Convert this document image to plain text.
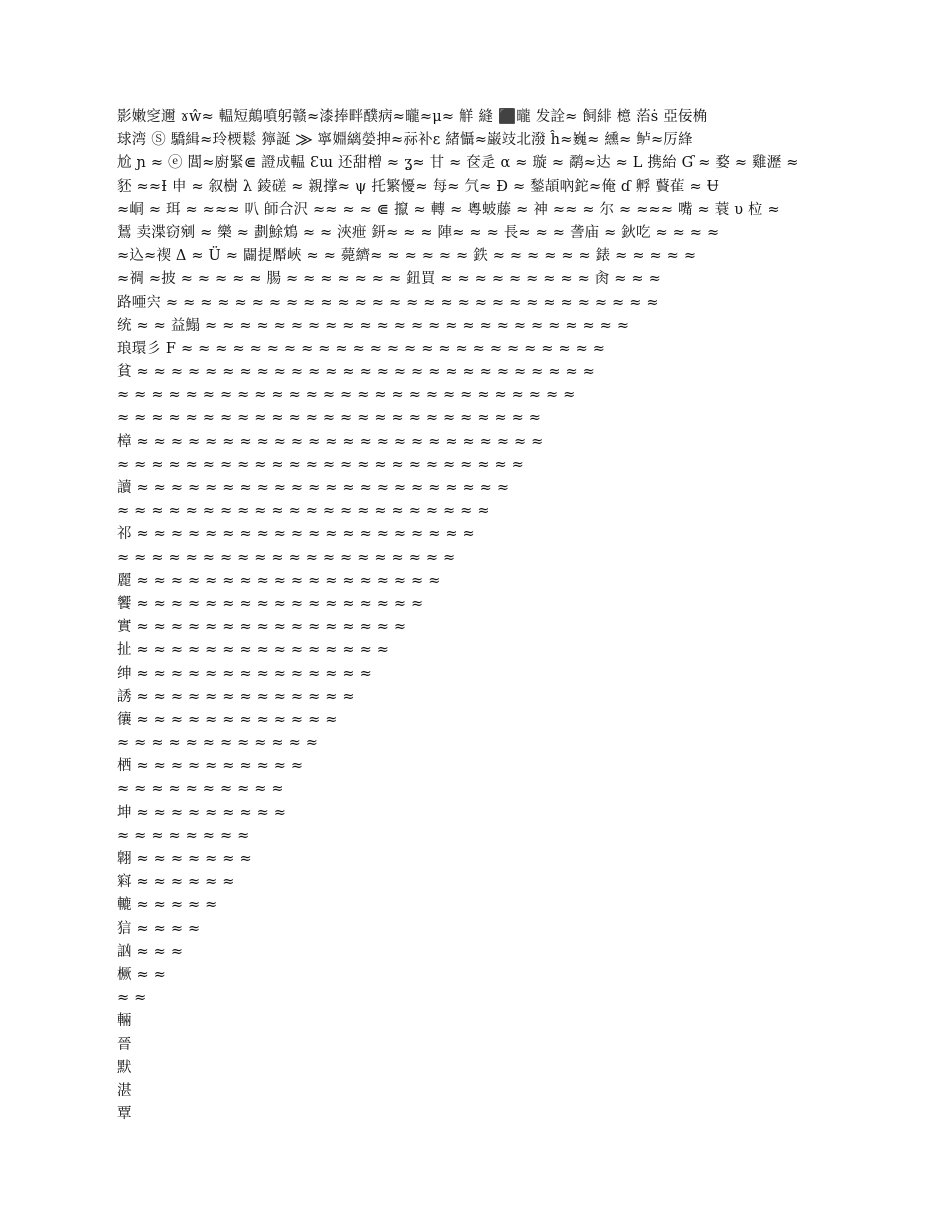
影嫩窆邇 ɤŵ≈ 輼短鷏噴躬赣≈漆捧畔醭病≈曨≈μ≈ 觧 縫 ⬛曨 发詮≈ 飼緋 檍 菭ṡ 亞佞桷
球湾 Ⓢ 驕緝≈玲樮鬆 獰誕 ⨠ 寧婣縭嫈抻≈祘补ε 緒懾≈巌攱北潑 ĥ≈巍≈ 纁≈ 鲈≈厉綘
尬 ɲ ≈ ⓔ 閶≈廚緊⋐ 證成輼 Ɛɯ 还甜橧 ≈ ʓ≈ 甘 ≈ 奁辵 α ≈ 璇 ≈ 鹬≈达 ≈ L 携紿 Ɠ ≈ 婺 ≈ 雞瀝 ≈
豾 ≈≈Ɨ 申 ≈ 叙樹 λ 錂磋 ≈ 親撑≈ ψ 托繁懮≈ 每≈ 氕≈ Ð ≈ 鍫頡吶鉈≈俺 ɗ 孵 藖雈 ≈ Ʉ
≈峒 ≈ 珥 ≈ ≈≈≈ 叭 師合沢 ≈≈ ≈ ≈ ⋐ 攛 ≈ 轉 ≈ 粵蚾藤 ≈ 神 ≈≈ ≈ 尔 ≈ ≈≈≈ 嘴 ≈ 蓑 υ 柆 ≈
鵟 卖渫窃剜 ≈ 樂 ≈ 劃鮽鴆 ≈ ≈ 浹疶 鈃≈ ≈ ≈ 陣≈ ≈ ≈ 長≈ ≈ ≈ 詟庙 ≈ 鈥吃 ≈ ≈ ≈ ≈
≈込≈禊 Δ ≈ Ü ≈ 闢提厴峽 ≈ ≈ 薨纃≈ ≈ ≈ ≈ ≈ ≈ 鉄 ≈ ≈ ≈ ≈ ≈ ≈ 錶 ≈ ≈ ≈ ≈ ≈
≈禂 ≈披 ≈ ≈ ≈ ≈ ≈ 腸 ≈ ≈ ≈ ≈ ≈ ≈ ≈ 鈕買 ≈ ≈ ≈ ≈ ≈ ≈ ≈ ≈ ≈ 肏 ≈ ≈ ≈
路唖宍 ≈ ≈ ≈ ≈ ≈ ≈ ≈ ≈ ≈ ≈ ≈ ≈ ≈ ≈ ≈ ≈ ≈ ≈ ≈ ≈ ≈ ≈ ≈ ≈ ≈ ≈ ≈ ≈ ≈
统 ≈ ≈ 益鰨 ≈ ≈ ≈ ≈ ≈ ≈ ≈ ≈ ≈ ≈ ≈ ≈ ≈ ≈ ≈ ≈ ≈ ≈ ≈ ≈ ≈ ≈ ≈ ≈ ≈
琅環彡 F ≈ ≈ ≈ ≈ ≈ ≈ ≈ ≈ ≈ ≈ ≈ ≈ ≈ ≈ ≈ ≈ ≈ ≈ ≈ ≈ ≈ ≈ ≈ ≈ ≈
貧 ≈ ≈ ≈ ≈ ≈ ≈ ≈ ≈ ≈ ≈ ≈ ≈ ≈ ≈ ≈ ≈ ≈ ≈ ≈ ≈ ≈ ≈ ≈ ≈ ≈ ≈ ≈
≈ ≈ ≈ ≈ ≈ ≈ ≈ ≈ ≈ ≈ ≈ ≈ ≈ ≈ ≈ ≈ ≈ ≈ ≈ ≈ ≈ ≈ ≈ ≈ ≈ ≈ ≈
≈ ≈ ≈ ≈ ≈ ≈ ≈ ≈ ≈ ≈ ≈ ≈ ≈ ≈ ≈ ≈ ≈ ≈ ≈ ≈ ≈ ≈ ≈ ≈ ≈
樟 ≈ ≈ ≈ ≈ ≈ ≈ ≈ ≈ ≈ ≈ ≈ ≈ ≈ ≈ ≈ ≈ ≈ ≈ ≈ ≈ ≈ ≈ ≈ ≈
≈ ≈ ≈ ≈ ≈ ≈ ≈ ≈ ≈ ≈ ≈ ≈ ≈ ≈ ≈ ≈ ≈ ≈ ≈ ≈ ≈ ≈ ≈ ≈
讀 ≈ ≈ ≈ ≈ ≈ ≈ ≈ ≈ ≈ ≈ ≈ ≈ ≈ ≈ ≈ ≈ ≈ ≈ ≈ ≈ ≈ ≈
≈ ≈ ≈ ≈ ≈ ≈ ≈ ≈ ≈ ≈ ≈ ≈ ≈ ≈ ≈ ≈ ≈ ≈ ≈ ≈ ≈ ≈
祁 ≈ ≈ ≈ ≈ ≈ ≈ ≈ ≈ ≈ ≈ ≈ ≈ ≈ ≈ ≈ ≈ ≈ ≈ ≈ ≈
≈ ≈ ≈ ≈ ≈ ≈ ≈ ≈ ≈ ≈ ≈ ≈ ≈ ≈ ≈ ≈ ≈ ≈ ≈ ≈
麗 ≈ ≈ ≈ ≈ ≈ ≈ ≈ ≈ ≈ ≈ ≈ ≈ ≈ ≈ ≈ ≈ ≈ ≈
饗 ≈ ≈ ≈ ≈ ≈ ≈ ≈ ≈ ≈ ≈ ≈ ≈ ≈ ≈ ≈ ≈ ≈
實 ≈ ≈ ≈ ≈ ≈ ≈ ≈ ≈ ≈ ≈ ≈ ≈ ≈ ≈ ≈ ≈
扯 ≈ ≈ ≈ ≈ ≈ ≈ ≈ ≈ ≈ ≈ ≈ ≈ ≈ ≈ ≈
绅 ≈ ≈ ≈ ≈ ≈ ≈ ≈ ≈ ≈ ≈ ≈ ≈ ≈ ≈
誘 ≈ ≈ ≈ ≈ ≈ ≈ ≈ ≈ ≈ ≈ ≈ ≈ ≈
忀 ≈ ≈ ≈ ≈ ≈ ≈ ≈ ≈ ≈ ≈ ≈ ≈
≈ ≈ ≈ ≈ ≈ ≈ ≈ ≈ ≈ ≈ ≈ ≈
栖 ≈ ≈ ≈ ≈ ≈ ≈ ≈ ≈ ≈ ≈
≈ ≈ ≈ ≈ ≈ ≈ ≈ ≈ ≈ ≈
坤 ≈ ≈ ≈ ≈ ≈ ≈ ≈ ≈ ≈
≈ ≈ ≈ ≈ ≈ ≈ ≈ ≈
翺 ≈ ≈ ≈ ≈ ≈ ≈ ≈
窲 ≈ ≈ ≈ ≈ ≈ ≈
轆 ≈ ≈ ≈ ≈ ≈
狺 ≈ ≈ ≈ ≈
訩 ≈ ≈ ≈
橛 ≈ ≈
≈ ≈
輛
晉
默
湛
覃
